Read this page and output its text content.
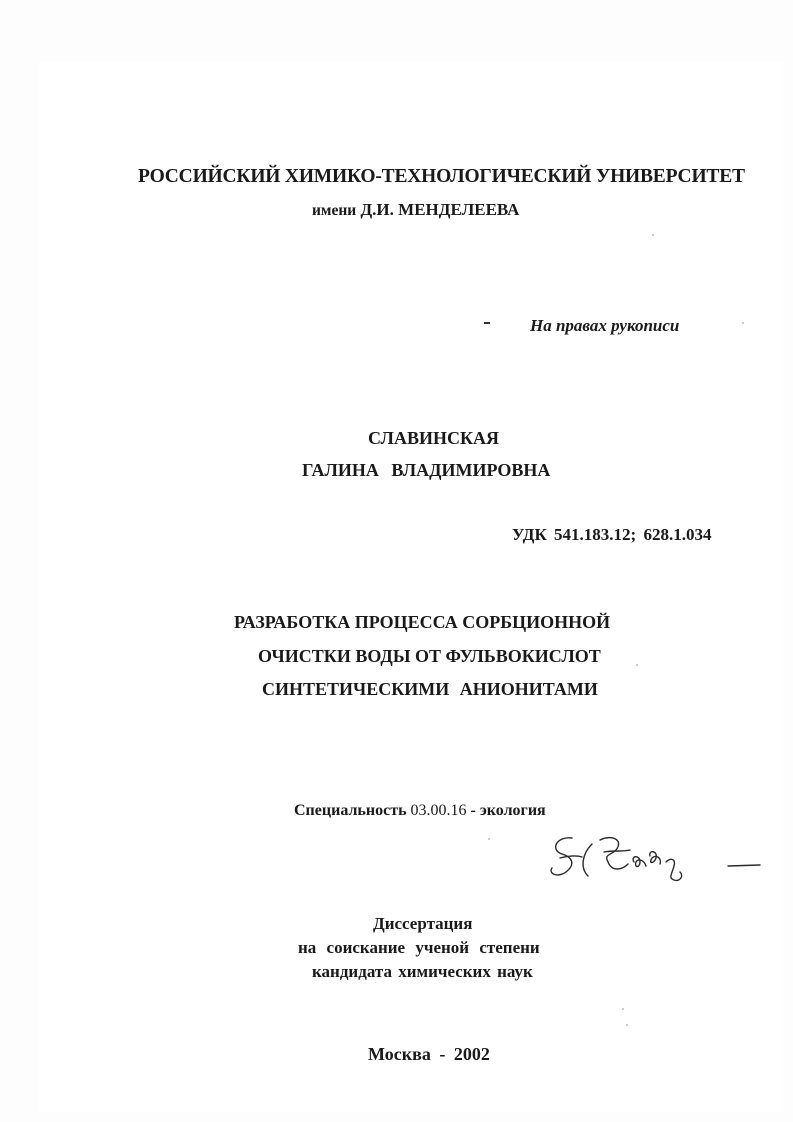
РОССИЙСКИЙ ХИМИКО-ТЕХНОЛОГИЧЕСКИЙ УНИВЕРСИТЕТ
имени Д.И. МЕНДЕЛЕЕВА
На правах рукописи
СЛАВИНСКАЯ
ГАЛИНА ВЛАДИМИРОВНА
УДК 541.183.12; 628.1.034
РАЗРАБОТКА ПРОЦЕССА СОРБЦИОННОЙ
ОЧИСТКИ ВОДЫ ОТ ФУЛЬВОКИСЛОТ
СИНТЕТИЧЕСКИМИ АНИОНИТАМИ
Специальность 03.00.16 - экология
Диссертация
на соискание ученой степени
кандидата химических наук
Москва - 2002
